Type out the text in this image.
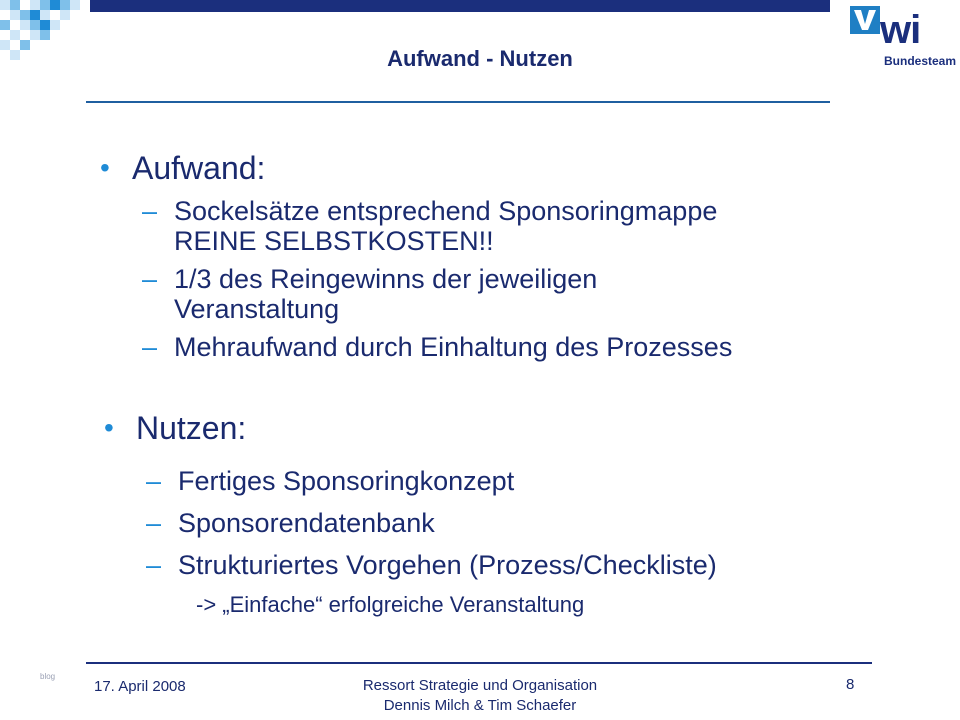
Aufwand - Nutzen
wi
Bundesteam
• Aufwand:
– Sockelsätze entsprechend Sponsoringmappe
REINE SELBSTKOSTEN!!
– 1/3 des Reingewinns der jeweiligen
Veranstaltung
– Mehraufwand durch Einhaltung des Prozesses
• Nutzen:
– Fertiges Sponsoringkonzept
– Sponsorendatenbank
– Strukturiertes Vorgehen (Prozess/Checkliste)
-> „Einfache“ erfolgreiche Veranstaltung
blog
17. April 2008	Ressort Strategie und Organisation
Dennis Milch & Tim Schaefer
8
